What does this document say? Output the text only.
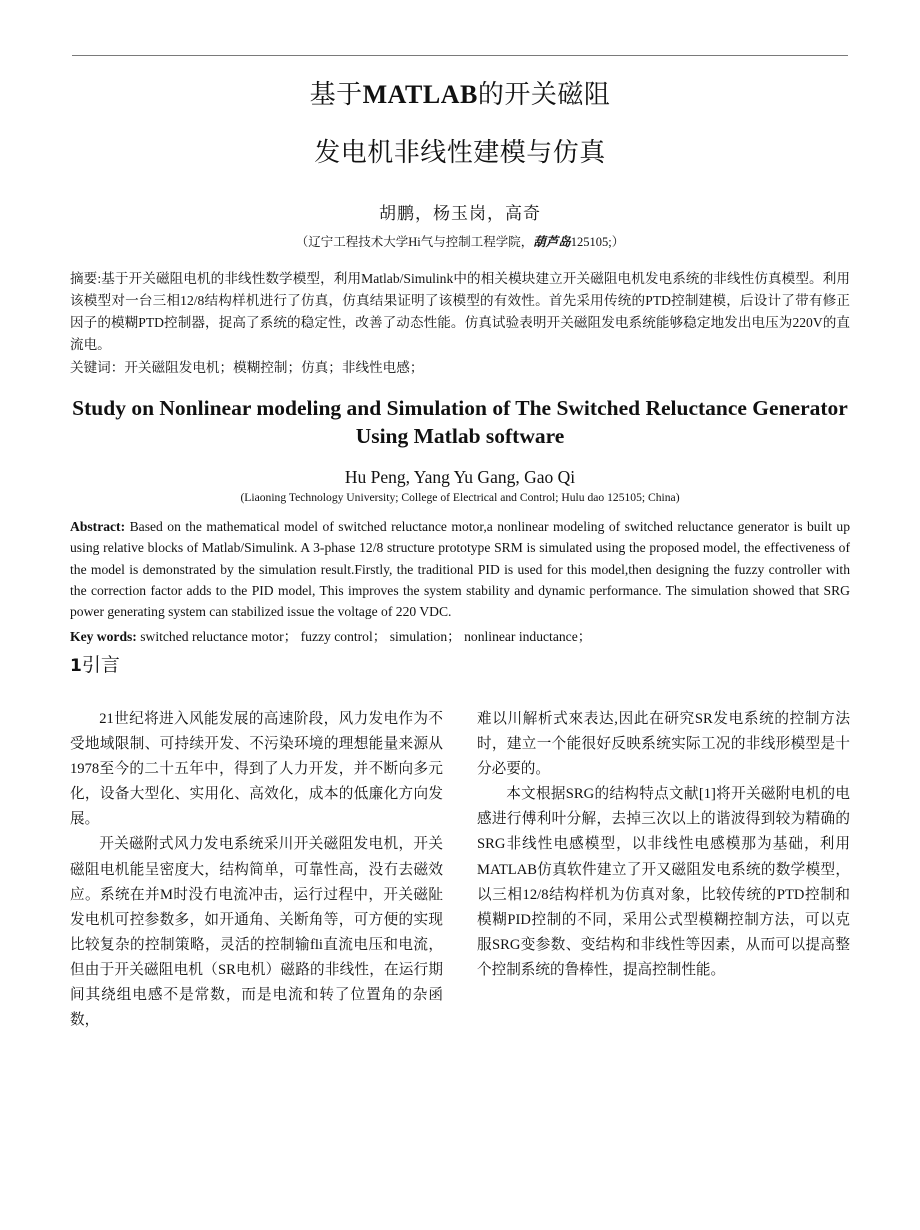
基于MATLAB的开关磁阻
发电机非线性建模与仿真
胡鹏，杨玉岗，高奇
（辽宁工程技术大学Hi气与控制工程学院，葫芦岛125105;）

摘要:基于开关磁阻电机的非线性数学模型，利用Matlab/Simulink中的相关模块建立开关磁阻电机发电系统的非线性仿真模型。利用该模型对一台三相12/8结构样机进行了仿真，仿真结果证明了该模型的有效性。首先采用传统的PTD控制建模，后设计了带有修正因子的模糊PTD控制器，捉高了系统的稳定性，改善了动态性能。仿真试验表明开关磁阻发电系统能够稳定地发出电压为220V的直流电。

关键词：开关磁阻发电机；模糊控制；仿真；非线性电感；
Study on Nonlinear modeling and Simulation of The Switched Reluctance Generator Using Matlab software
Hu Peng, Yang Yu Gang, Gao Qi
(Liaoning Technology University; College of Electrical and Control; Hulu dao 125105; China)
Abstract: Based on the mathematical model of switched reluctance motor,a nonlinear modeling of switched reluctance generator is built up using relative blocks of Matlab/Simulink. A 3-phase 12/8 structure prototype SRM is simulated using the proposed model, the effectiveness of the model is demonstrated by the simulation result.Firstly, the traditional PID is used for this model,then designing the fuzzy controller with the correction factor adds to the PID model, This improves the system stability and dynamic performance. The simulation showed that SRG power generating system can stabilized issue the voltage of 220 VDC.
Key words: switched reluctance motor； fuzzy control； simulation； nonlinear inductance；
1引言

21世纪将进入风能发展的高速阶段，风力发电作为不受地域限制、可持续开发、不污染环境的理想能量来源从1978至今的二十五年中，得到了人力开发，并不断向多元化，设备大型化、实用化、高效化，成本的低廉化方向发展。

开关磁附式风力发电系统采川开关磁阻发电机，开关磁阻电机能呈密度大，结构简单，可靠性高，没冇去磁效应。系统在并M时没冇电流冲击，运行过程中，开关磁阯发电机可控参数多，如开通角、关断角等，可方便的实现比较复杂的控制策略，灵活的控制输fli直流电压和电流，但由于开关磁阻电机（SR电机）磁路的非线性，在运行期间其绕组电感不是常数，而是电流和转了位置角的杂函数，

难以川解析式來表达,因此在研究SR发电系统的控制方法时，建立一个能很好反映系统实际工况的非线形模型是十分必要的。

本文根据SRG的结构特点文献[1]将开关磁附电机的电感进行傅利叶分解，去掉三次以上的谐波得到较为精确的SRG非线性电感模型，以非线性电感模那为基础，利用MATLAB仿真软件建立了开又磁阻发电系统的数学模型，以三相12/8结构样机为仿真对象，比较传统的PTD控制和模糊PID控制的不同，采用公式型模糊控制方法，可以克服SRG变参数、变结构和非线性等因素，从而可以提高整个控制系统的鲁棒性，提高控制性能。
